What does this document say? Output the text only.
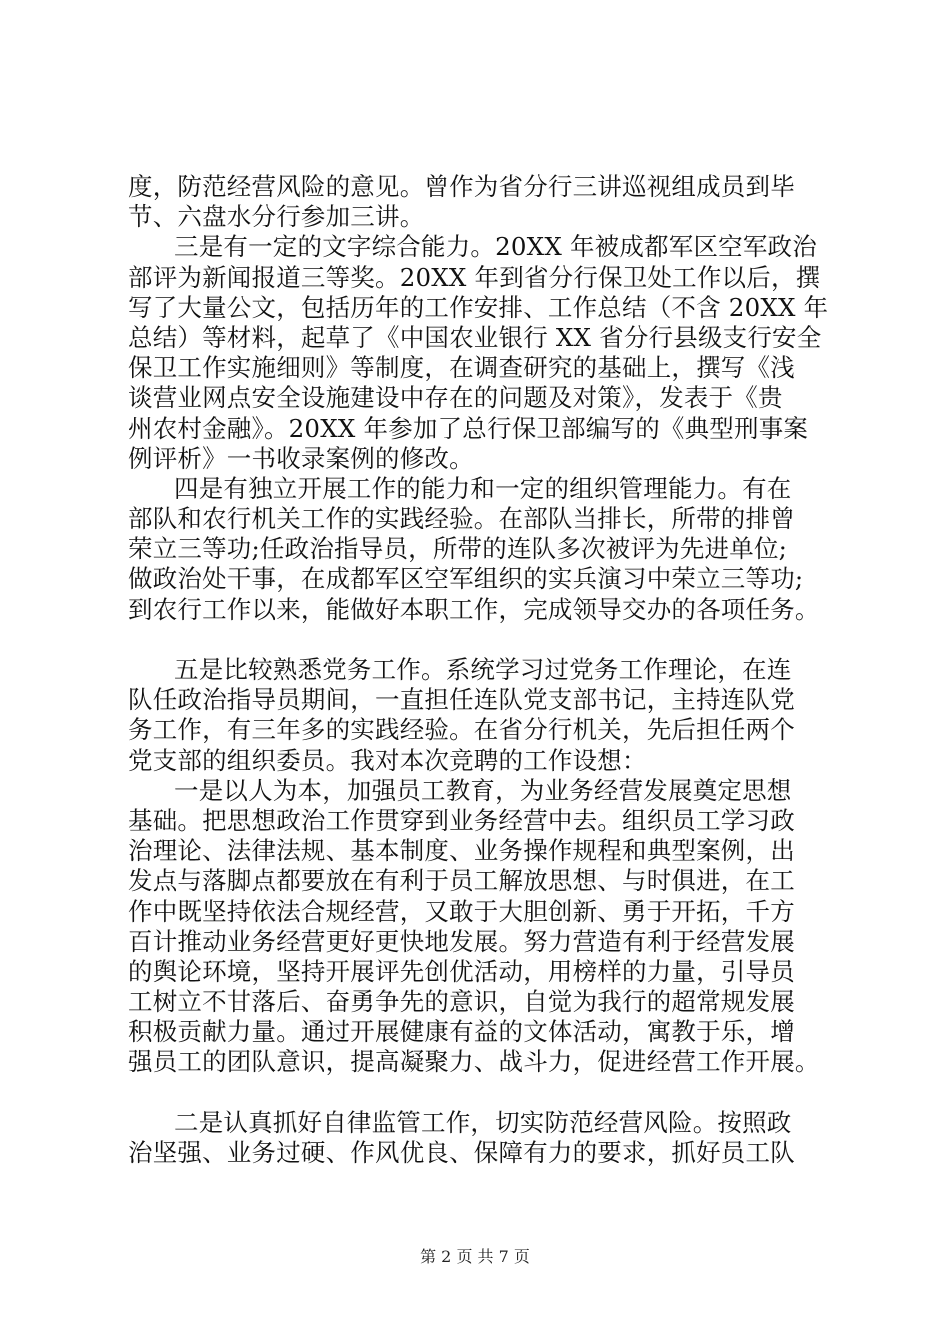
度，防范经营风险的意见。曾作为省分行三讲巡视组成员到毕
节、六盘水分行参加三讲。
三是有一定的文字综合能力。20XX 年被成都军区空军政治
部评为新闻报道三等奖。20XX 年到省分行保卫处工作以后，撰
写了大量公文，包括历年的工作安排、工作总结（不含 20XX 年
总结）等材料，起草了《中国农业银行 XX 省分行县级支行安全
保卫工作实施细则》等制度，在调查研究的基础上，撰写《浅
谈营业网点安全设施建设中存在的问题及对策》，发表于《贵
州农村金融》。20XX 年参加了总行保卫部编写的《典型刑事案
例评析》一书收录案例的修改。
四是有独立开展工作的能力和一定的组织管理能力。有在
部队和农行机关工作的实践经验。在部队当排长，所带的排曾
荣立三等功;任政治指导员，所带的连队多次被评为先进单位;
做政治处干事，在成都军区空军组织的实兵演习中荣立三等功;
到农行工作以来，能做好本职工作，完成领导交办的各项任务。
五是比较熟悉党务工作。系统学习过党务工作理论，在连
队任政治指导员期间，一直担任连队党支部书记，主持连队党
务工作，有三年多的实践经验。在省分行机关，先后担任两个
党支部的组织委员。我对本次竞聘的工作设想：
一是以人为本，加强员工教育，为业务经营发展奠定思想
基础。把思想政治工作贯穿到业务经营中去。组织员工学习政
治理论、法律法规、基本制度、业务操作规程和典型案例，出
发点与落脚点都要放在有利于员工解放思想、与时俱进，在工
作中既坚持依法合规经营，又敢于大胆创新、勇于开拓，千方
百计推动业务经营更好更快地发展。努力营造有利于经营发展
的舆论环境，坚持开展评先创优活动，用榜样的力量，引导员
工树立不甘落后、奋勇争先的意识，自觉为我行的超常规发展
积极贡献力量。通过开展健康有益的文体活动，寓教于乐，增
强员工的团队意识，提高凝聚力、战斗力，促进经营工作开展。
二是认真抓好自律监管工作，切实防范经营风险。按照政
治坚强、业务过硬、作风优良、保障有力的要求，抓好员工队
第 2 页 共 7 页
